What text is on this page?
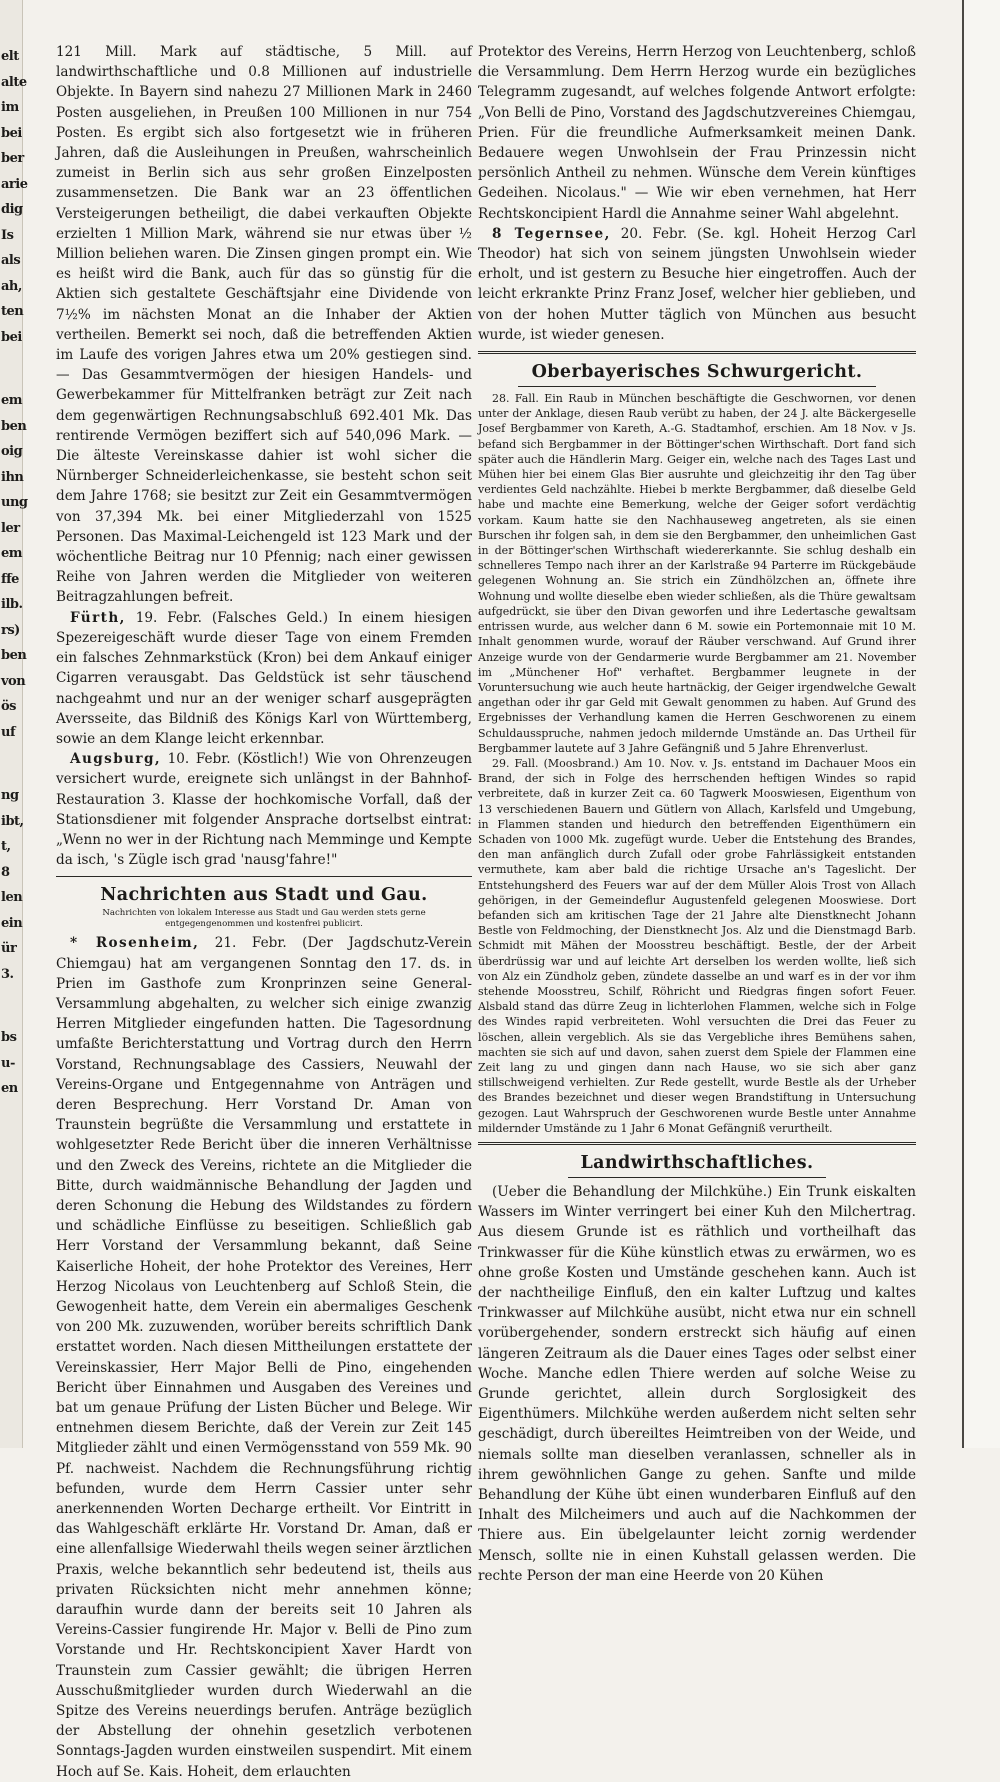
elt
alte
im
bei
ber
arie
dig
Is
als
ah,
ten
bei
em
ben
oig
ihn
ung
ler
em
ffe
ilb.
rs)
ben
von
ös
uf
ng
ibt,
t,
8
len
ein
ür
3.
bs
u-
en

121 Mill. Mark auf städtische, 5 Mill. auf landwirthschaftliche und 0.8 Millionen auf industrielle Objekte. In Bayern sind nahezu 27 Millionen Mark in 2460 Posten ausgeliehen, in Preußen 100 Millionen in nur 754 Posten. Es ergibt sich also fortgesetzt wie in früheren Jahren, daß die Ausleihungen in Preußen, wahrscheinlich zumeist in Berlin sich aus sehr großen Einzelposten zusammensetzen. Die Bank war an 23 öffentlichen Versteigerungen betheiligt, die dabei verkauften Objekte erzielten 1 Million Mark, während sie nur etwas über ½ Million beliehen waren. Die Zinsen gingen prompt ein. Wie es heißt wird die Bank, auch für das so günstig für die Aktien sich gestaltete Geschäftsjahr eine Dividende von 7½% im nächsten Monat an die Inhaber der Aktien vertheilen. Bemerkt sei noch, daß die betreffenden Aktien im Laufe des vorigen Jahres etwa um 20% gestiegen sind. — Das Gesammtvermögen der hiesigen Handels- und Gewerbekammer für Mittelfranken beträgt zur Zeit nach dem gegenwärtigen Rechnungsabschluß 692.401 Mk. Das rentirende Vermögen beziffert sich auf 540,096 Mark. — Die älteste Vereinskasse dahier ist wohl sicher die Nürnberger Schneiderleichenkasse, sie besteht schon seit dem Jahre 1768; sie besitzt zur Zeit ein Gesammtvermögen von 37,394 Mk. bei einer Mitgliederzahl von 1525 Personen. Das Maximal-Leichengeld ist 123 Mark und der wöchentliche Beitrag nur 10 Pfennig; nach einer gewissen Reihe von Jahren werden die Mitglieder von weiteren Beitragzahlungen befreit.

Fürth, 19. Febr. (Falsches Geld.) In einem hiesigen Spezereigeschäft wurde dieser Tage von einem Fremden ein falsches Zehnmarkstück (Kron) bei dem Ankauf einiger Cigarren verausgabt. Das Geldstück ist sehr täuschend nachgeahmt und nur an der weniger scharf ausgeprägten Aversseite, das Bildniß des Königs Karl von Württemberg, sowie an dem Klange leicht erkennbar.

Augsburg, 10. Febr. (Köstlich!) Wie von Ohrenzeugen versichert wurde, ereignete sich unlängst in der Bahnhof-Restauration 3. Klasse der hochkomische Vorfall, daß der Stationsdiener mit folgender Ansprache dortselbst eintrat: „Wenn no wer in der Richtung nach Memminge und Kempte da isch, 's Zügle isch grad 'nausg'fahre!"

Nachrichten aus Stadt und Gau.
Nachrichten von lokalem Interesse aus Stadt und Gau werden stets gerne entgegengenommen und kostenfrei publicirt.

* Rosenheim, 21. Febr. (Der Jagdschutz-Verein Chiemgau) hat am vergangenen Sonntag den 17. ds. in Prien im Gasthofe zum Kronprinzen seine General-Versammlung abgehalten, zu welcher sich einige zwanzig Herren Mitglieder eingefunden hatten. Die Tagesordnung umfaßte Berichterstattung und Vortrag durch den Herrn Vorstand, Rechnungsablage des Cassiers, Neuwahl der Vereins-Organe und Entgegennahme von Anträgen und deren Besprechung. Herr Vorstand Dr. Aman von Traunstein begrüßte die Versammlung und erstattete in wohlgesetzter Rede Bericht über die inneren Verhältnisse und den Zweck des Vereins, richtete an die Mitglieder die Bitte, durch waidmännische Behandlung der Jagden und deren Schonung die Hebung des Wildstandes zu fördern und schädliche Einflüsse zu beseitigen. Schließlich gab Herr Vorstand der Versammlung bekannt, daß Seine Kaiserliche Hoheit, der hohe Protektor des Vereines, Herr Herzog Nicolaus von Leuchtenberg auf Schloß Stein, die Gewogenheit hatte, dem Verein ein abermaliges Geschenk von 200 Mk. zuzuwenden, worüber bereits schriftlich Dank erstattet worden. Nach diesen Mittheilungen erstattete der Vereinskassier, Herr Major Belli de Pino, eingehenden Bericht über Einnahmen und Ausgaben des Vereines und bat um genaue Prüfung der Listen Bücher und Belege. Wir entnehmen diesem Berichte, daß der Verein zur Zeit 145 Mitglieder zählt und einen Vermögensstand von 559 Mk. 90 Pf. nachweist. Nachdem die Rechnungsführung richtig befunden, wurde dem Herrn Cassier unter sehr anerkennenden Worten Decharge ertheilt. Vor Eintritt in das Wahlgeschäft erklärte Hr. Vorstand Dr. Aman, daß er eine allenfallsige Wiederwahl theils wegen seiner ärztlichen Praxis, welche bekanntlich sehr bedeutend ist, theils aus privaten Rücksichten nicht mehr annehmen könne; daraufhin wurde dann der bereits seit 10 Jahren als Vereins-Cassier fungirende Hr. Major v. Belli de Pino zum Vorstande und Hr. Rechtskoncipient Xaver Hardt von Traunstein zum Cassier gewählt; die übrigen Herren Ausschußmitglieder wurden durch Wiederwahl an die Spitze des Vereins neuerdings berufen. Anträge bezüglich der Abstellung der ohnehin gesetzlich verbotenen Sonntags-Jagden wurden einstweilen suspendirt. Mit einem Hoch auf Se. Kais. Hoheit, dem erlauchten

Protektor des Vereins, Herrn Herzog von Leuchtenberg, schloß die Versammlung. Dem Herrn Herzog wurde ein bezügliches Telegramm zugesandt, auf welches folgende Antwort erfolgte: „Von Belli de Pino, Vorstand des Jagdschutzvereines Chiemgau, Prien. Für die freundliche Aufmerksamkeit meinen Dank. Bedauere wegen Unwohlsein der Frau Prinzessin nicht persönlich Antheil zu nehmen. Wünsche dem Verein künftiges Gedeihen. Nicolaus." — Wie wir eben vernehmen, hat Herr Rechtskoncipient Hardl die Annahme seiner Wahl abgelehnt.

8 Tegernsee, 20. Febr. (Se. kgl. Hoheit Herzog Carl Theodor) hat sich von seinem jüngsten Unwohlsein wieder erholt, und ist gestern zu Besuche hier eingetroffen. Auch der leicht erkrankte Prinz Franz Josef, welcher hier geblieben, und von der hohen Mutter täglich von München aus besucht wurde, ist wieder genesen.

Oberbayerisches Schwurgericht.

28. Fall. Ein Raub in München beschäftigte die Geschwornen, vor denen unter der Anklage, diesen Raub verübt zu haben, der 24 J. alte Bäckergeselle Josef Bergbammer von Kareth, A.-G. Stadtamhof, erschien. Am 18 Nov. v Js. befand sich Bergbammer in der Böttinger'schen Wirthschaft. Dort fand sich später auch die Händlerin Marg. Geiger ein, welche nach des Tages Last und Mühen hier bei einem Glas Bier ausruhte und gleichzeitig ihr den Tag über verdientes Geld nachzählte. Hiebei b merkte Bergbammer, daß dieselbe Geld habe und machte eine Bemerkung, welche der Geiger sofort verdächtig vorkam. Kaum hatte sie den Nachhauseweg angetreten, als sie einen Burschen ihr folgen sah, in dem sie den Bergbammer, den unheimlichen Gast in der Böttinger'schen Wirthschaft wiedererkannte. Sie schlug deshalb ein schnelleres Tempo nach ihrer an der Karlstraße 94 Parterre im Rückgebäude gelegenen Wohnung an. Sie strich ein Zündhölzchen an, öffnete ihre Wohnung und wollte dieselbe eben wieder schließen, als die Thüre gewaltsam aufgedrückt, sie über den Divan geworfen und ihre Ledertasche gewaltsam entrissen wurde, aus welcher dann 6 M. sowie ein Portemonnaie mit 10 M. Inhalt genommen wurde, worauf der Räuber verschwand. Auf Grund ihrer Anzeige wurde von der Gendarmerie wurde Bergbammer am 21. November im „Münchener Hof" verhaftet. Bergbammer leugnete in der Voruntersuchung wie auch heute hartnäckig, der Geiger irgendwelche Gewalt angethan oder ihr gar Geld mit Gewalt genommen zu haben. Auf Grund des Ergebnisses der Verhandlung kamen die Herren Geschworenen zu einem Schuldausspruche, nahmen jedoch mildernde Umstände an. Das Urtheil für Bergbammer lautete auf 3 Jahre Gefängniß und 5 Jahre Ehrenverlust.

29. Fall. (Moosbrand.) Am 10. Nov. v. Js. entstand im Dachauer Moos ein Brand, der sich in Folge des herrschenden heftigen Windes so rapid verbreitete, daß in kurzer Zeit ca. 60 Tagwerk Mooswiesen, Eigenthum von 13 verschiedenen Bauern und Gütlern von Allach, Karlsfeld und Umgebung, in Flammen standen und hiedurch den betreffenden Eigenthümern ein Schaden von 1000 Mk. zugefügt wurde. Ueber die Entstehung des Brandes, den man anfänglich durch Zufall oder grobe Fahrlässigkeit entstanden vermuthete, kam aber bald die richtige Ursache an's Tageslicht. Der Entstehungsherd des Feuers war auf der dem Müller Alois Trost von Allach gehörigen, in der Gemeindeflur Augustenfeld gelegenen Mooswiese. Dort befanden sich am kritischen Tage der 21 Jahre alte Dienstknecht Johann Bestle von Feldmoching, der Dienstknecht Jos. Alz und die Dienstmagd Barb. Schmidt mit Mähen der Moosstreu beschäftigt. Bestle, der der Arbeit überdrüssig war und auf leichte Art derselben los werden wollte, ließ sich von Alz ein Zündholz geben, zündete dasselbe an und warf es in der vor ihm stehende Moosstreu, Schilf, Röhricht und Riedgras fingen sofort Feuer. Alsbald stand das dürre Zeug in lichterlohen Flammen, welche sich in Folge des Windes rapid verbreiteten. Wohl versuchten die Drei das Feuer zu löschen, allein vergeblich. Als sie das Vergebliche ihres Bemühens sahen, machten sie sich auf und davon, sahen zuerst dem Spiele der Flammen eine Zeit lang zu und gingen dann nach Hause, wo sie sich aber ganz stillschweigend verhielten. Zur Rede gestellt, wurde Bestle als der Urheber des Brandes bezeichnet und dieser wegen Brandstiftung in Untersuchung gezogen. Laut Wahrspruch der Geschworenen wurde Bestle unter Annahme mildernder Umstände zu 1 Jahr 6 Monat Gefängniß verurtheilt.

Landwirthschaftliches.

(Ueber die Behandlung der Milchkühe.) Ein Trunk eiskalten Wassers im Winter verringert bei einer Kuh den Milchertrag. Aus diesem Grunde ist es räthlich und vortheilhaft das Trinkwasser für die Kühe künstlich etwas zu erwärmen, wo es ohne große Kosten und Umstände geschehen kann. Auch ist der nachtheilige Einfluß, den ein kalter Luftzug und kaltes Trinkwasser auf Milchkühe ausübt, nicht etwa nur ein schnell vorübergehender, sondern erstreckt sich häufig auf einen längeren Zeitraum als die Dauer eines Tages oder selbst einer Woche. Manche edlen Thiere werden auf solche Weise zu Grunde gerichtet, allein durch Sorglosigkeit des Eigenthümers. Milchkühe werden außerdem nicht selten sehr geschädigt, durch übereiltes Heimtreiben von der Weide, und niemals sollte man dieselben veranlassen, schneller als in ihrem gewöhnlichen Gange zu gehen. Sanfte und milde Behandlung der Kühe übt einen wunderbaren Einfluß auf den Inhalt des Milcheimers und auch auf die Nachkommen der Thiere aus. Ein übelgelaunter leicht zornig werdender Mensch, sollte nie in einen Kuhstall gelassen werden. Die rechte Person der man eine Heerde von 20 Kühen
